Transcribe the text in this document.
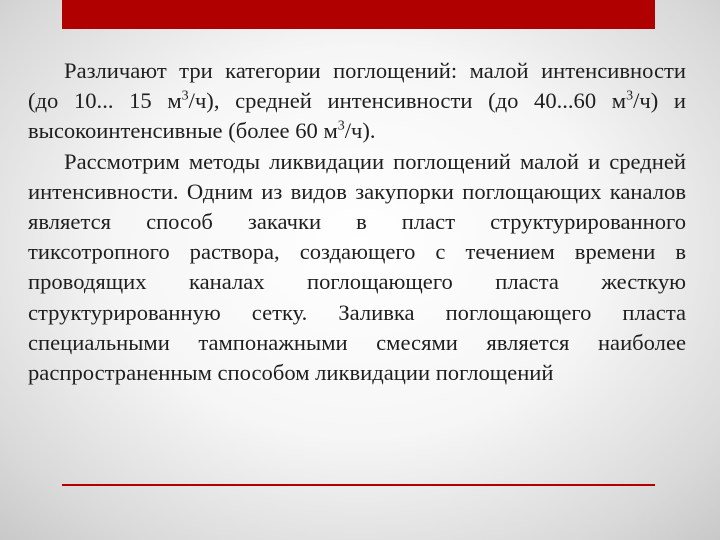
Различают три категории поглощений: малой интенсивности (до 10... 15 $м^3/ч$), средней интенсивности (до 40...60 $м^3/ч$) и высокоинтенсивные (более 60 $м^3/ч$).

Рассмотрим методы ликвидации поглощений малой и средней интенсивности. Одним из видов закупорки поглощающих каналов является способ закачки в пласт структурированного тиксотропного раствора, создающего с течением времени в проводящих каналах поглощающего пласта жесткую структурированную сетку. Заливка поглощающего пласта специальными тампонажными смесями является наиболее распространенным способом ликвидации поглощений
